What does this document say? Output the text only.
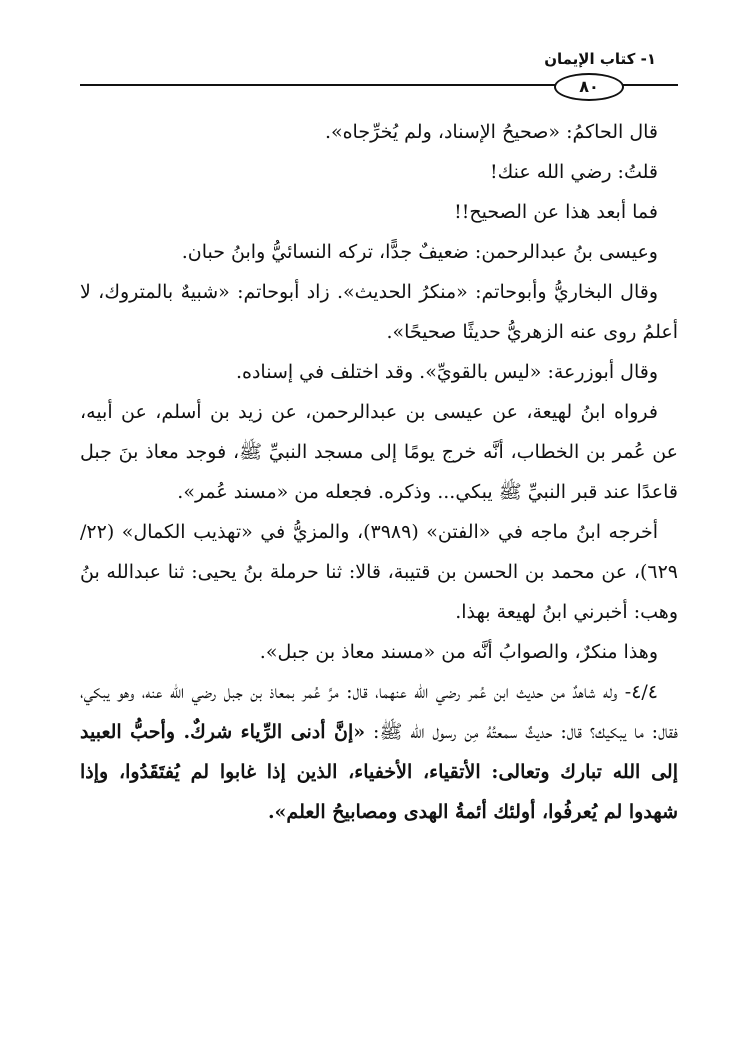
١- كتاب الإيمان
٨٠

قال الحاكمُ: «صحيحُ الإسناد، ولم يُخرِّجاه».

قلتُ: رضي الله عنك!

فما أبعد هذا عن الصحيح!!

وعيسى بنُ عبدالرحمن: ضعيفٌ جدًّا، تركه النسائيُّ وابنُ حبان.

وقال البخاريُّ وأبوحاتم: «منكرُ الحديث». زاد أبوحاتم: «شبيهٌ بالمتروك، لا أعلمُ روى عنه الزهريُّ حديثًا صحيحًا».

وقال أبوزرعة: «ليس بالقويِّ». وقد اختلف في إسناده.

فرواه ابنُ لهيعة، عن عيسى بن عبدالرحمن، عن زيد بن أسلم، عن أبيه، عن عُمر بن الخطاب، أنَّه خرج يومًا إلى مسجد النبيِّ ﷺ، فوجد معاذ بنَ جبل قاعدًا عند قبر النبيِّ ﷺ يبكي... وذكره. فجعله من «مسند عُمر».

أخرجه ابنُ ماجه في «الفتن» (٣٩٨٩)، والمزيُّ في «تهذيب الكمال» (٢٢/ ٦٢٩)، عن محمد بن الحسن بن قتيبة، قالا: ثنا حرملة بنُ يحيى: ثنا عبدالله بنُ وهب: أخبرني ابنُ لهيعة بهذا.

وهذا منكرٌ، والصوابُ أنَّه من «مسند معاذ بن جبل».

٤/٤- وله شاهدٌ من حديث ابن عُمر رضي الله عنهما، قال: مرَّ عُمر بمعاذ بن جبل رضي الله عنه، وهو يبكي، فقال: ما يبكيك؟ قال: حديثٌ سمعتُهُ مِن رسول الله ﷺ: «إنَّ أدنى الرِّياء شركٌ. وأحبُّ العبيد إلى الله تبارك وتعالى: الأتقياء، الأخفياء، الذين إذا غابوا لم يُفتَقَدُوا، وإذا شهدوا لم يُعرفُوا، أولئك أئمةُ الهدى ومصابيحُ العلم».
